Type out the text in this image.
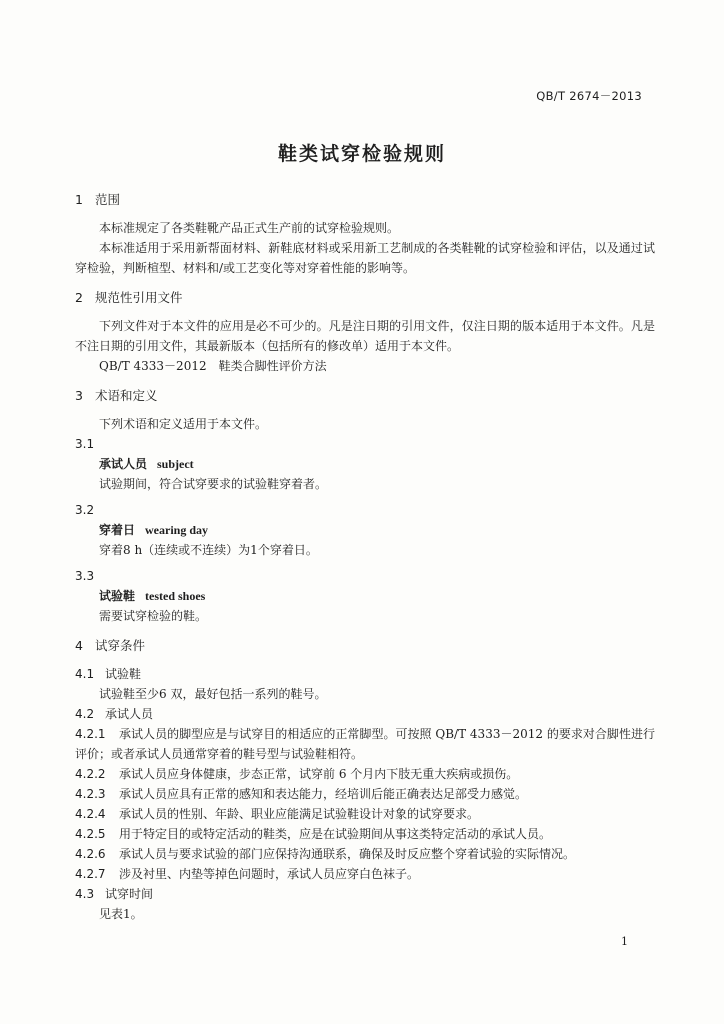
QB/T 2674－2013
鞋类试穿检验规则
1 范围

本标准规定了各类鞋靴产品正式生产前的试穿检验规则。

本标准适用于采用新帮面材料、新鞋底材料或采用新工艺制成的各类鞋靴的试穿检验和评估，以及通过试穿检验，判断楦型、材料和/或工艺变化等对穿着性能的影响等。

2 规范性引用文件

下列文件对于本文件的应用是必不可少的。凡是注日期的引用文件，仅注日期的版本适用于本文件。凡是不注日期的引用文件，其最新版本（包括所有的修改单）适用于本文件。

QB/T 4333－2012　鞋类合脚性评价方法

3 术语和定义

下列术语和定义适用于本文件。

3.1

承试人员 subject

试验期间，符合试穿要求的试验鞋穿着者。

3.2

穿着日 wearing day

穿着8 h（连续或不连续）为1个穿着日。

3.3

试验鞋 tested shoes

需要试穿检验的鞋。

4 试穿条件
4.1 试验鞋

试验鞋至少6 双，最好包括一系列的鞋号。

4.2 承试人员

4.2.1 承试人员的脚型应是与试穿目的相适应的正常脚型。可按照 QB/T 4333－2012 的要求对合脚性进行评价；或者承试人员通常穿着的鞋号型与试验鞋相符。

4.2.2 承试人员应身体健康，步态正常，试穿前 6 个月内下肢无重大疾病或损伤。

4.2.3 承试人员应具有正常的感知和表达能力，经培训后能正确表达足部受力感觉。

4.2.4 承试人员的性别、年龄、职业应能满足试验鞋设计对象的试穿要求。

4.2.5 用于特定目的或特定活动的鞋类，应是在试验期间从事这类特定活动的承试人员。

4.2.6 承试人员与要求试验的部门应保持沟通联系，确保及时反应整个穿着试验的实际情况。

4.2.7 涉及衬里、内垫等掉色问题时，承试人员应穿白色袜子。

4.3 试穿时间

见表1。

1
